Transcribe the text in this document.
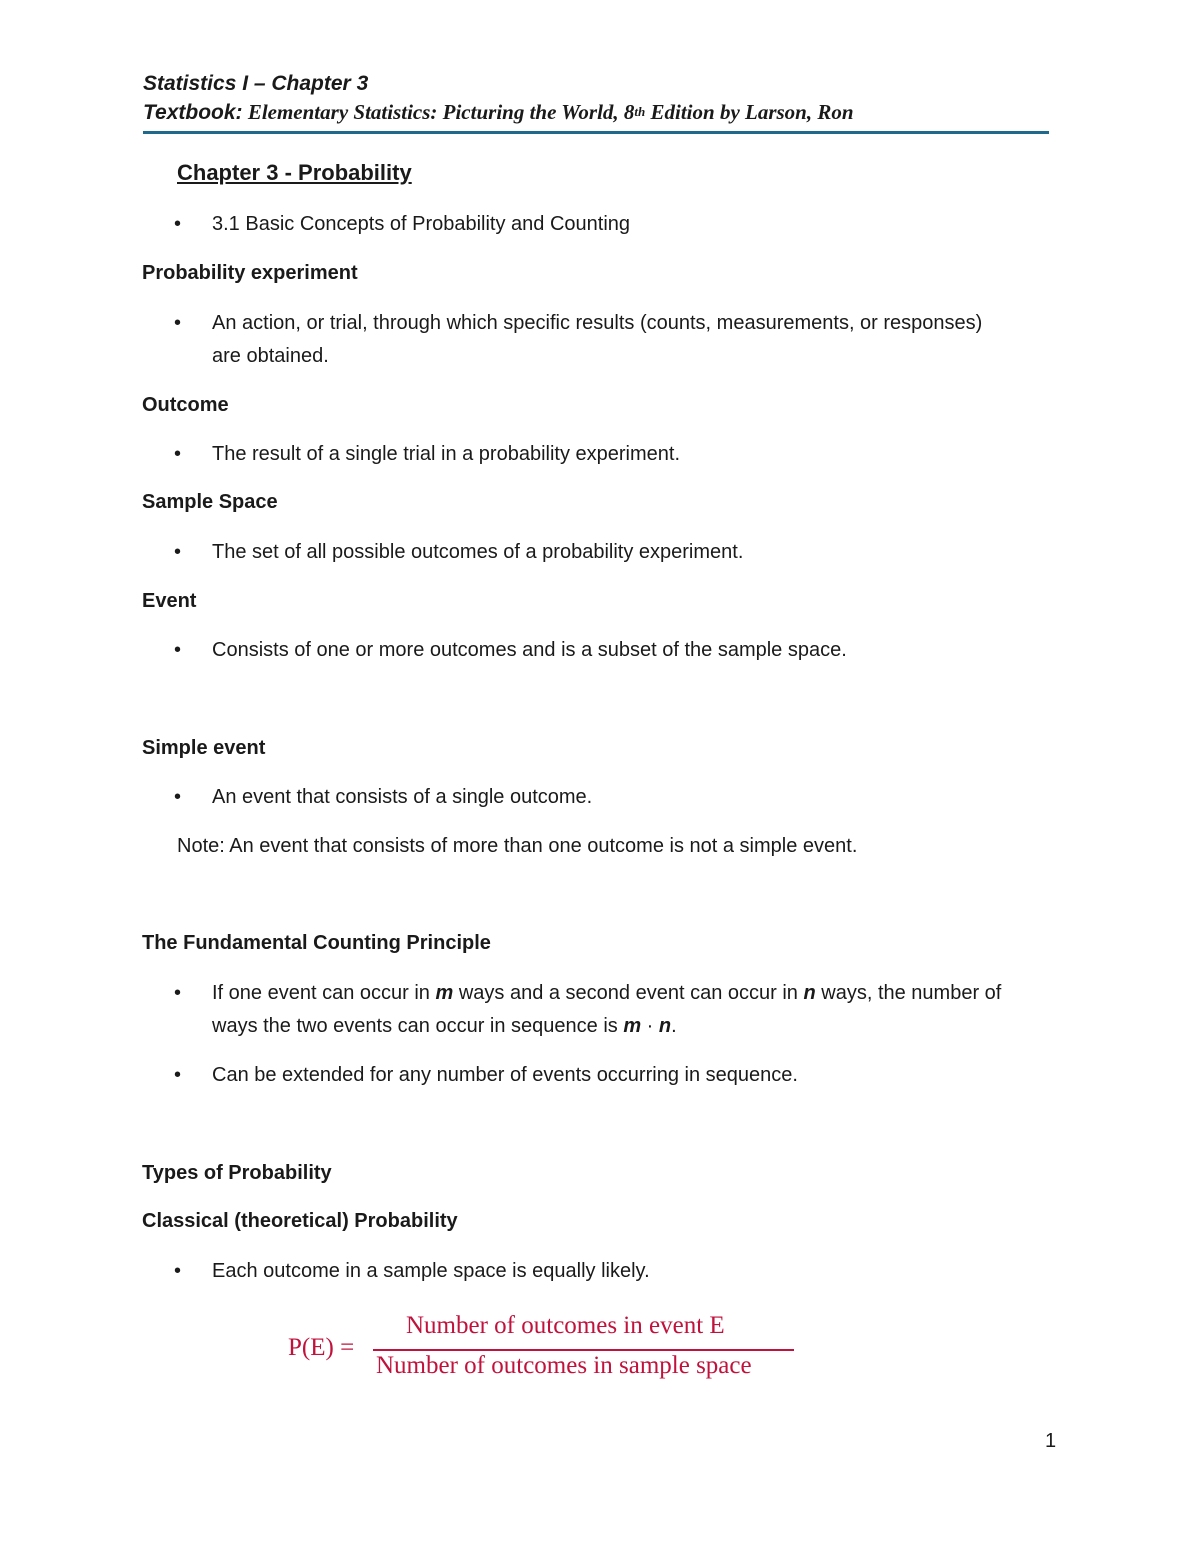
Statistics I – Chapter 3

Textbook: Elementary Statistics: Picturing the World, 8th Edition by Larson, Ron

Chapter 3 - Probability

• 3.1 Basic Concepts of Probability and Counting

Probability experiment

• An action, or trial, through which specific results (counts, measurements, or responses) are obtained.

Outcome

• The result of a single trial in a probability experiment.

Sample Space

• The set of all possible outcomes of a probability experiment.

Event

• Consists of one or more outcomes and is a subset of the sample space.

Simple event

• An event that consists of a single outcome.

Note: An event that consists of more than one outcome is not a simple event.

The Fundamental Counting Principle

• If one event can occur in m ways and a second event can occur in n ways, the number of ways the two events can occur in sequence is m · n.

• Can be extended for any number of events occurring in sequence.

Types of Probability

Classical (theoretical) Probability

• Each outcome in a sample space is equally likely.

P(E) =
Number of outcomes in event E
Number of outcomes in sample space

1
